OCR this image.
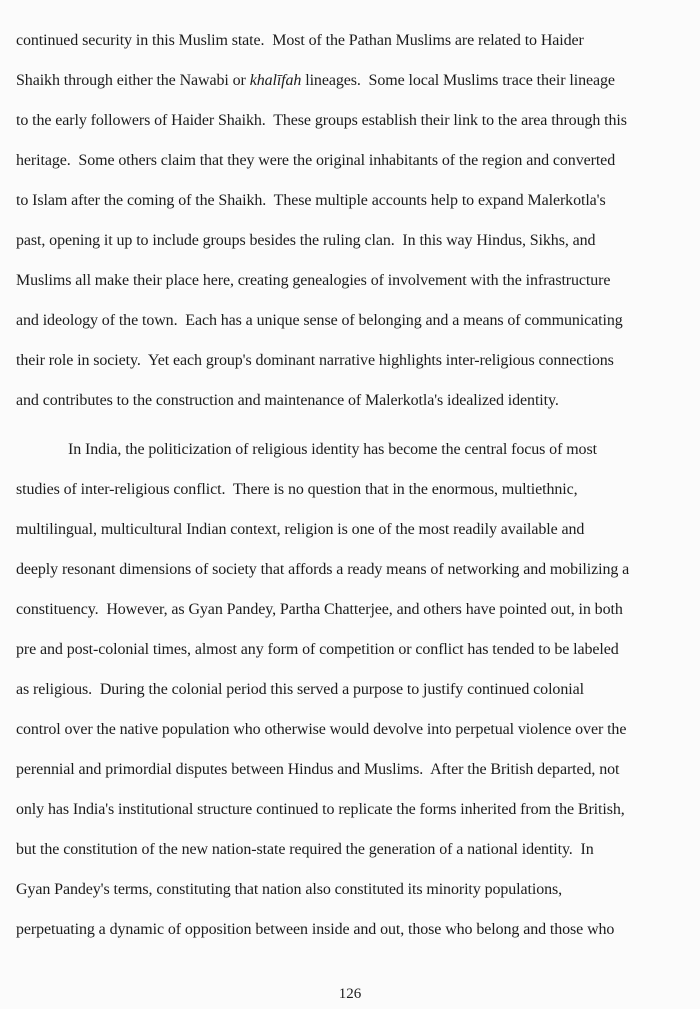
continued security in this Muslim state.  Most of the Pathan Muslims are related to Haider
Shaikh through either the Nawabi or khalīfah lineages.  Some local Muslims trace their lineage
to the early followers of Haider Shaikh.  These groups establish their link to the area through this
heritage.  Some others claim that they were the original inhabitants of the region and converted
to Islam after the coming of the Shaikh.  These multiple accounts help to expand Malerkotla's
past, opening it up to include groups besides the ruling clan.  In this way Hindus, Sikhs, and
Muslims all make their place here, creating genealogies of involvement with the infrastructure
and ideology of the town.  Each has a unique sense of belonging and a means of communicating
their role in society.  Yet each group's dominant narrative highlights inter-religious connections
and contributes to the construction and maintenance of Malerkotla's idealized identity.
In India, the politicization of religious identity has become the central focus of most
studies of inter-religious conflict.  There is no question that in the enormous, multiethnic,
multilingual, multicultural Indian context, religion is one of the most readily available and
deeply resonant dimensions of society that affords a ready means of networking and mobilizing a
constituency.  However, as Gyan Pandey, Partha Chatterjee, and others have pointed out, in both
pre and post-colonial times, almost any form of competition or conflict has tended to be labeled
as religious.  During the colonial period this served a purpose to justify continued colonial
control over the native population who otherwise would devolve into perpetual violence over the
perennial and primordial disputes between Hindus and Muslims.  After the British departed, not
only has India's institutional structure continued to replicate the forms inherited from the British,
but the constitution of the new nation-state required the generation of a national identity.  In
Gyan Pandey's terms, constituting that nation also constituted its minority populations,
perpetuating a dynamic of opposition between inside and out, those who belong and those who
126
